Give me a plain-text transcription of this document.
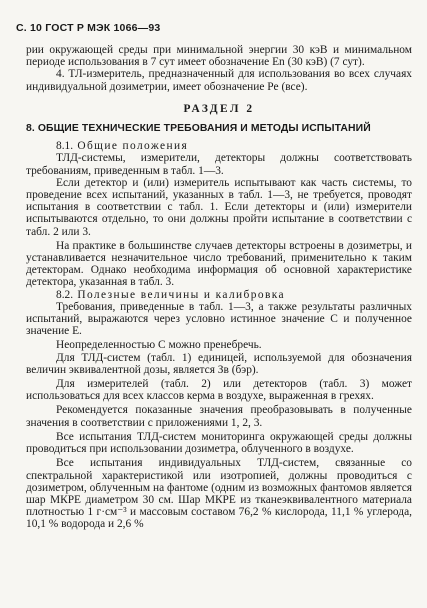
С. 10 ГОСТ Р МЭК 1066—93

рии окружающей среды при минимальной энергии 30 кэВ и минимальном периоде использования в 7 сут имеет обозначение Еn (30 кэВ) (7 сут).

4. ТЛ-измеритель, предназначенный для использования во всех случаях индивидуальной дозиметрии, имеет обозначение Pe (все).

РАЗДЕЛ 2

8. ОБЩИЕ ТЕХНИЧЕСКИЕ ТРЕБОВАНИЯ И МЕТОДЫ ИСПЫТАНИЙ

8.1. Общие положения

ТЛД-системы, измерители, детекторы должны соответствовать требованиям, приведенным в табл. 1—3.

Если детектор и (или) измеритель испытывают как часть системы, то проведение всех испытаний, указанных в табл. 1—3, не требуется, проводят испытания в соответствии с табл. 1. Если детекторы и (или) измерители испытываются отдельно, то они должны пройти испытание в соответствии с табл. 2 или 3.

На практике в большинстве случаев детекторы встроены в дозиметры, и устанавливается незначительное число требований, применительно к таким детекторам. Однако необходима информация об основной характеристике детектора, указанная в табл. 3.

8.2. Полезные величины и калибровка

Требования, приведенные в табл. 1—3, а также результаты различных испытаний, выражаются через условно истинное значение С и полученное значение Е.

Неопределенностью С можно пренебречь.

Для ТЛД-систем (табл. 1) единицей, используемой для обозначения величин эквивалентной дозы, является Зв (бэр).

Для измерителей (табл. 2) или детекторов (табл. 3) может использоваться для всех классов керма в воздухе, выраженная в грехях.

Рекомендуется показанные значения преобразовывать в полученные значения в соответствии с приложениями 1, 2, 3.

Все испытания ТЛД-систем мониторинга окружающей среды должны проводиться при использовании дозиметра, облученного в воздухе.

Все испытания индивидуальных ТЛД-систем, связанные со спектральной характеристикой или изотропией, должны проводиться с дозиметром, облученным на фантоме (одним из возможных фантомов является шар МКРЕ диаметром 30 см. Шар МКРЕ из тканеэквивалентного материала плотностью 1 г·см⁻³ и массовым составом 76,2 % кислорода, 11,1 % углерода, 10,1 % водорода и 2,6 %
